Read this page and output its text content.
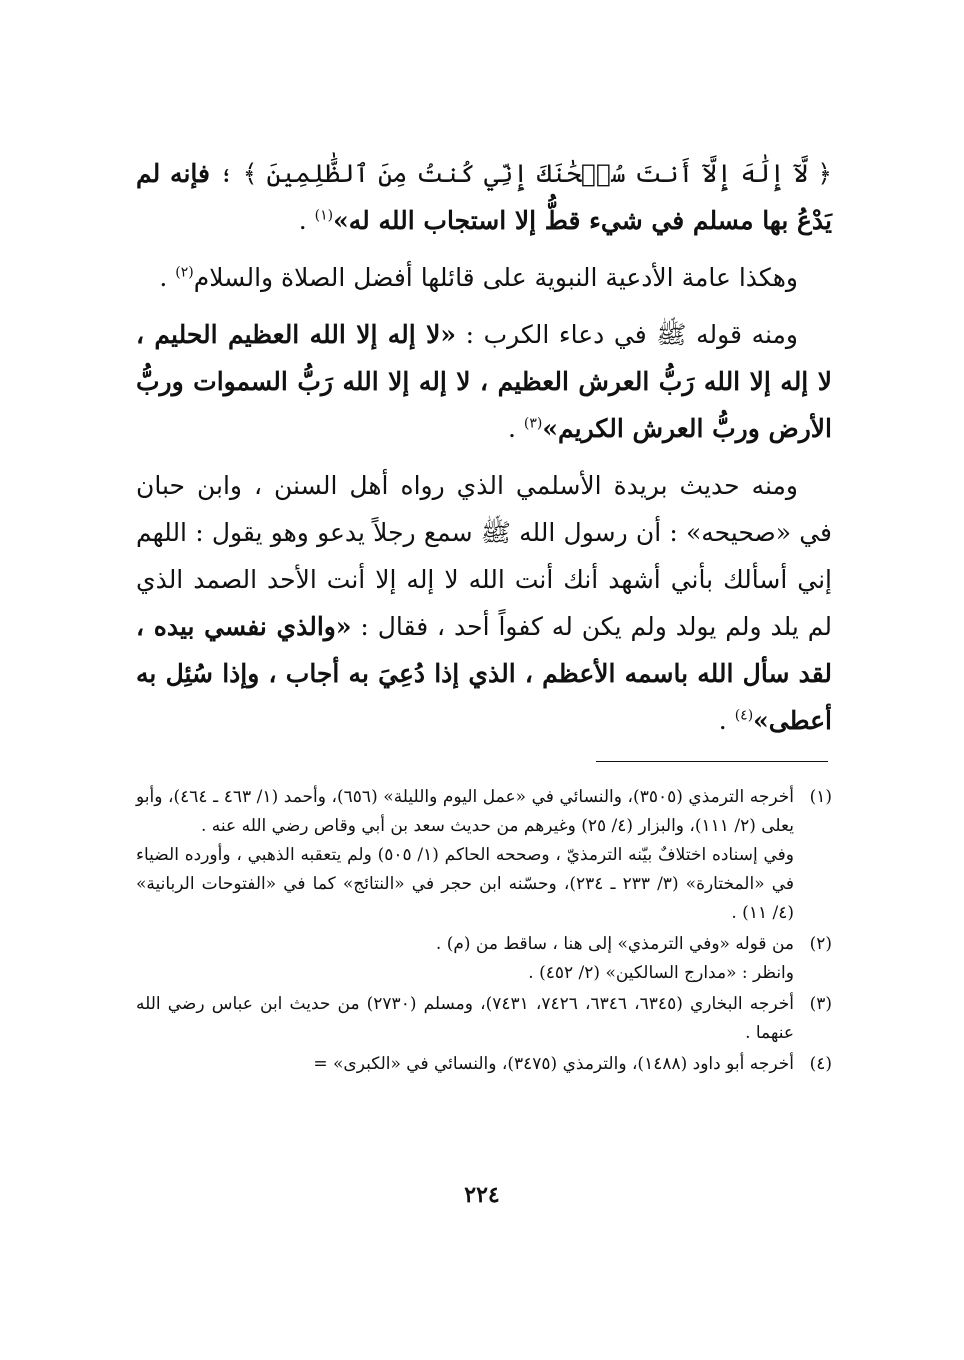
﴿ لَّآ إِلَٰهَ إِلَّآ أَنتَ سُبۡحَٰنَكَ إِنِّي كُنتُ مِنَ ٱلظَّٰلِمِينَ ﴾ ؛ فإنه لم يَدْعُ بها مسلم في شيء قطُّ إلا استجاب الله له»$^{(١)}$ .

وهكذا عامة الأدعية النبوية على قائلها أفضل الصلاة والسلام$^{(٢)}$ .

ومنه قوله ﷺ في دعاء الكرب : «لا إله إلا الله العظيم الحليم ، لا إله إلا الله رَبُّ العرش العظيم ، لا إله إلا الله رَبُّ السموات وربُّ الأرض وربُّ العرش الكريم»$^{(٣)}$ .

ومنه حديث بريدة الأسلمي الذي رواه أهل السنن ، وابن حبان في «صحيحه» : أن رسول الله ﷺ سمع رجلاً يدعو وهو يقول : اللهم إني أسألك بأني أشهد أنك أنت الله لا إله إلا أنت الأحد الصمد الذي لم يلد ولم يولد ولم يكن له كفواً أحد ، فقال : «والذي نفسي بيده ، لقد سأل الله باسمه الأعظم ، الذي إذا دُعِيَ به أجاب ، وإذا سُئِل به أعطى»$^{(٤)}$ .

(١)
أخرجه الترمذي (٣٥٠٥)، والنسائي في «عمل اليوم والليلة» (٦٥٦)، وأحمد (١/ ٤٦٣ ـ ٤٦٤)، وأبو يعلى (٢/ ١١١)، والبزار (٤/ ٢٥) وغيرهم من حديث سعد بن أبي وقاص رضي الله عنه .
وفي إسناده اختلافٌ بيّنه الترمذيّ ، وصححه الحاكم (١/ ٥٠٥) ولم يتعقبه الذهبي ، وأورده الضياء في «المختارة» (٣/ ٢٣٣ ـ ٢٣٤)، وحسّنه ابن حجر في «النتائج» كما في «الفتوحات الربانية» (٤/ ١١) .
(٢)
من قوله «وفي الترمذي» إلى هنا ، ساقط من (م) .
وانظر : «مدارج السالكين» (٢/ ٤٥٢) .
(٣)
أخرجه البخاري (٦٣٤٥، ٦٣٤٦، ٧٤٢٦، ٧٤٣١)، ومسلم (٢٧٣٠) من حديث ابن عباس رضي الله عنهما .
(٤)
أخرجه أبو داود (١٤٨٨)، والترمذي (٣٤٧٥)، والنسائي في «الكبرى» =
٢٢٤
